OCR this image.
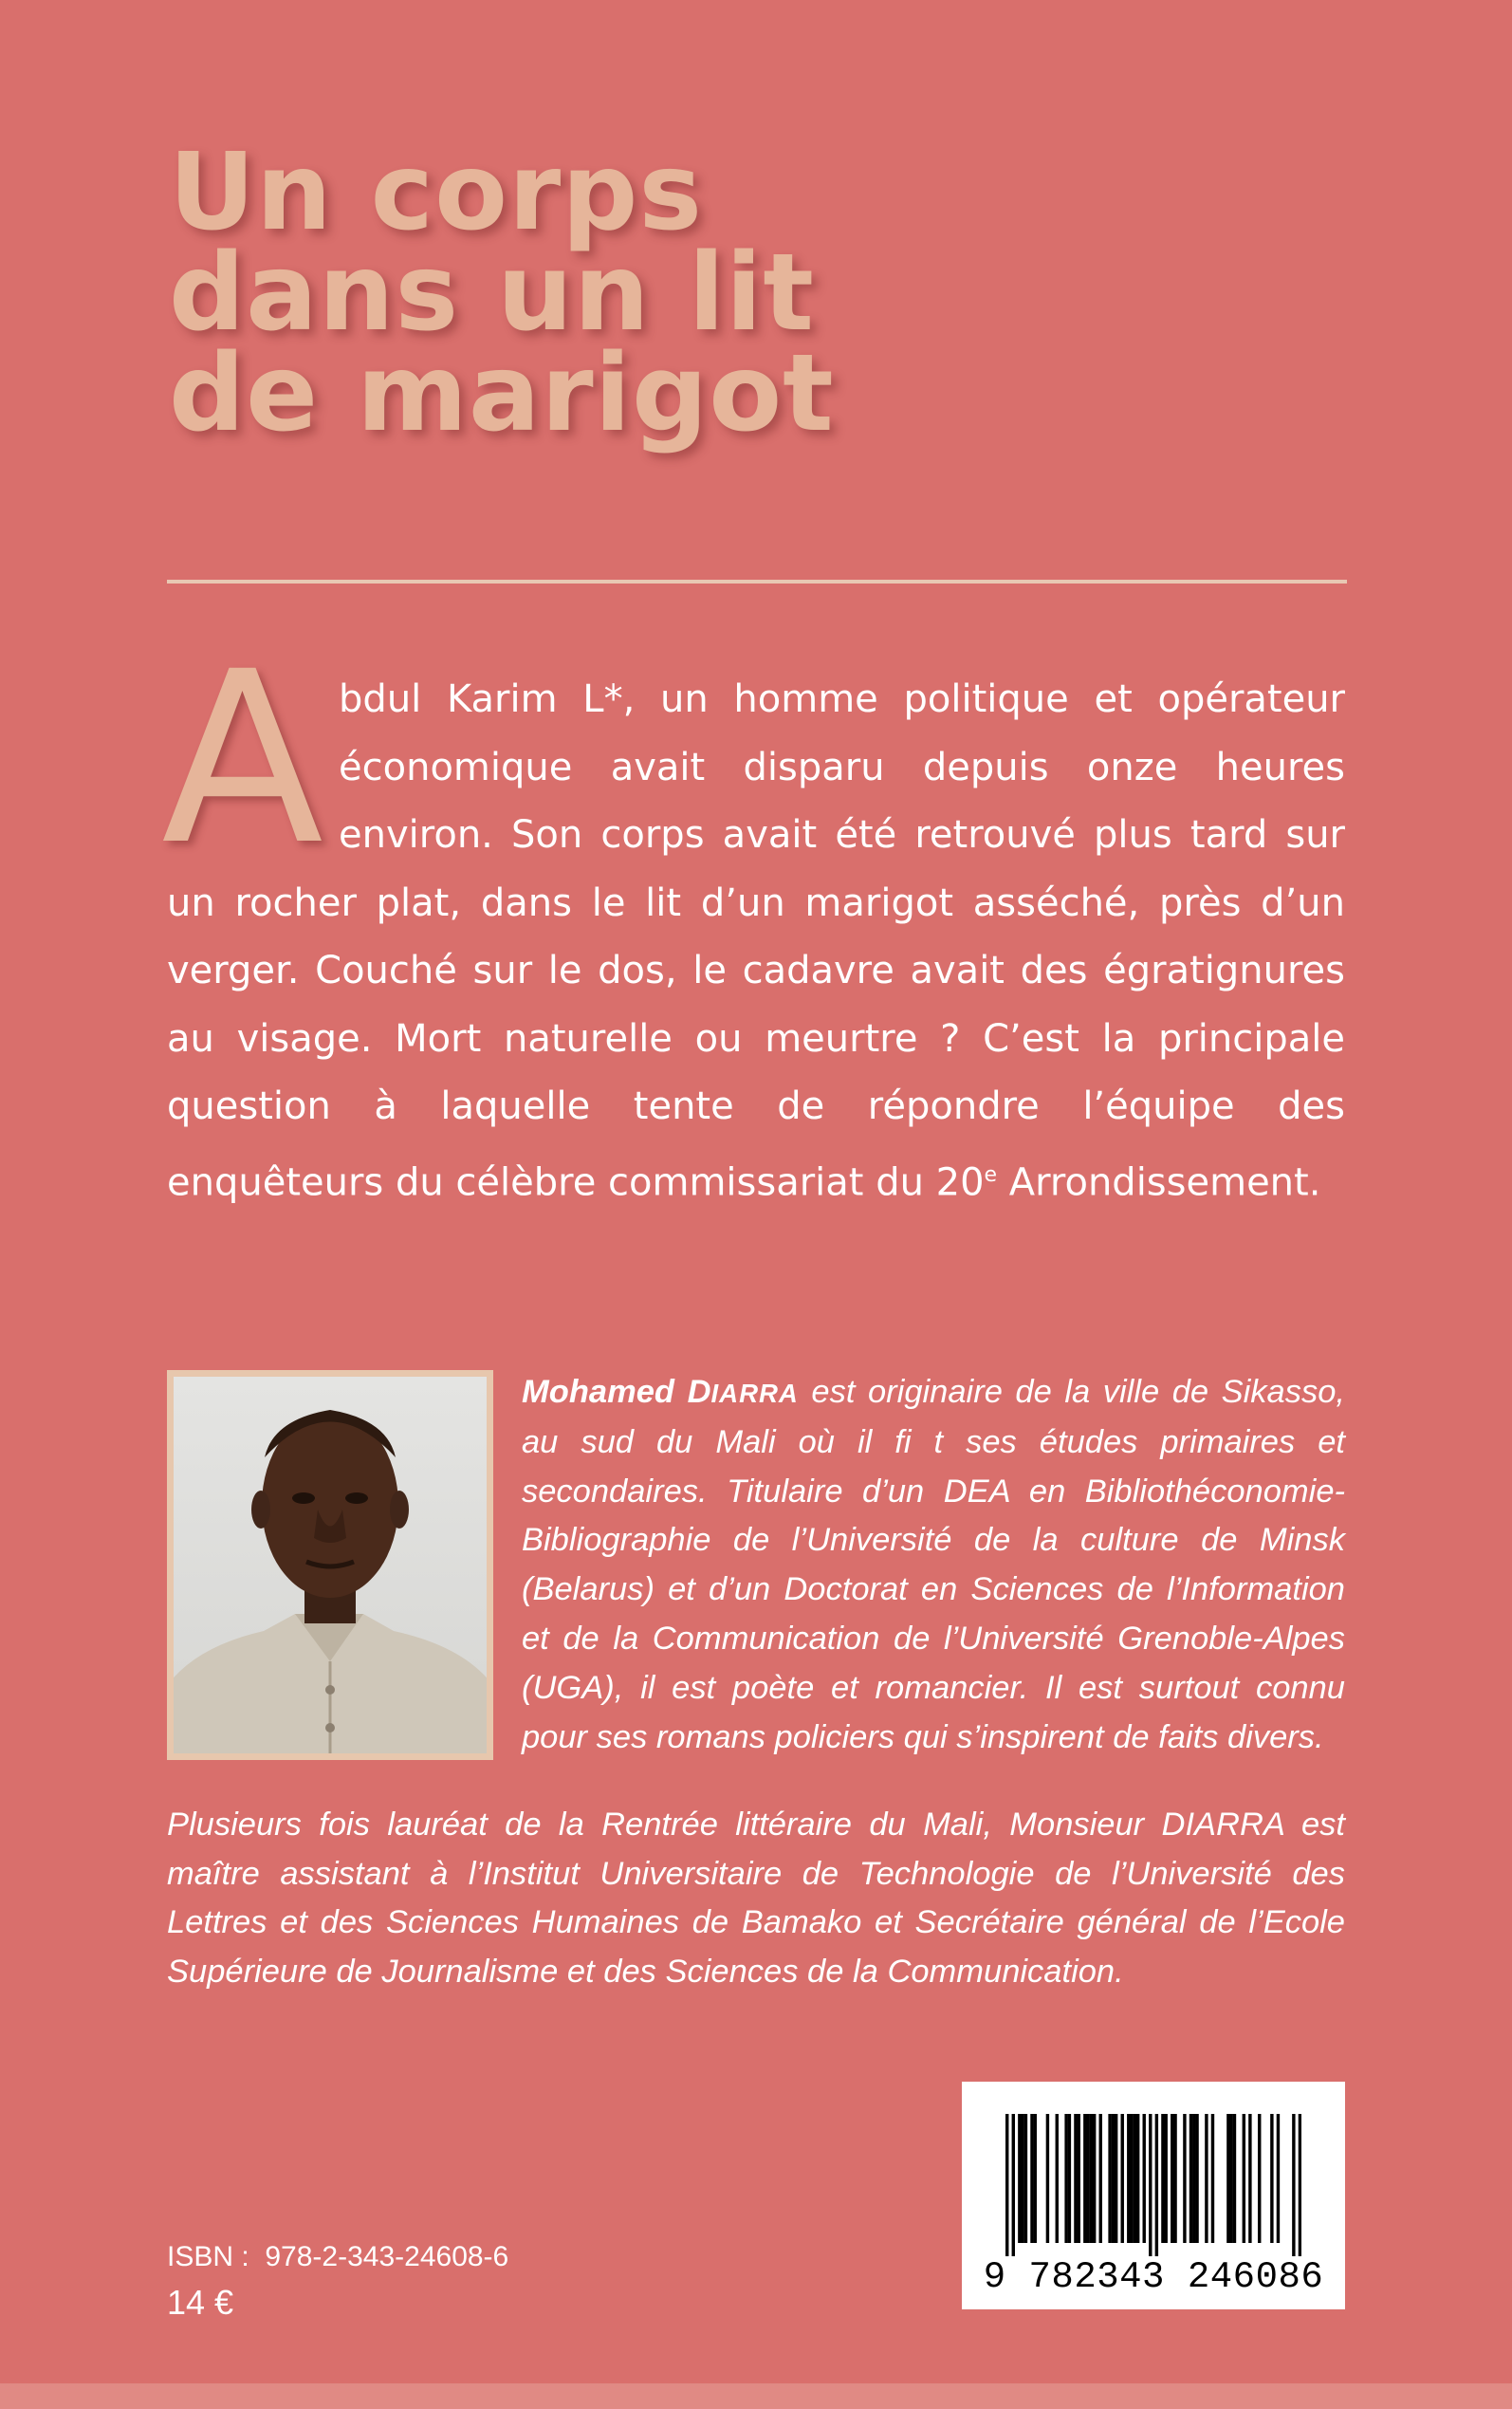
Un corps
dans un lit
de marigot

Abdul Karim L*, un homme politique et opérateur économique avait disparu depuis onze heures environ. Son corps avait été retrouvé plus tard sur un rocher plat, dans le lit d’un marigot asséché, près d’un verger. Couché sur le dos, le cadavre avait des égratignures au visage. Mort naturelle ou meurtre ? C’est la principale question à laquelle tente de répondre l’équipe des enquêteurs du célèbre commissariat du 20e Arrondissement.

Mohamed DIARRA est originaire de la ville de Sikasso, au sud du Mali où il fi t ses études primaires et secondaires. Titulaire d’un DEA en Bibliothéconomie-Bibliographie de l’Université de la culture de Minsk (Belarus) et d’un Doctorat en Sciences de l’Information et de la Communication de l’Université Grenoble-Alpes (UGA), il est poète et romancier. Il est surtout connu pour ses romans policiers qui s’inspirent de faits divers.

Plusieurs fois lauréat de la Rentrée littéraire du Mali, Monsieur DIARRA est maître assistant à l’Institut Universitaire de Technologie de l’Université des Lettres et des Sciences Humaines de Bamako et Secrétaire général de l’Ecole Supérieure de Journalisme et des Sciences de la Communication.

ISBN : 978-2-343-24608-6
14 €
9 782343 246086
